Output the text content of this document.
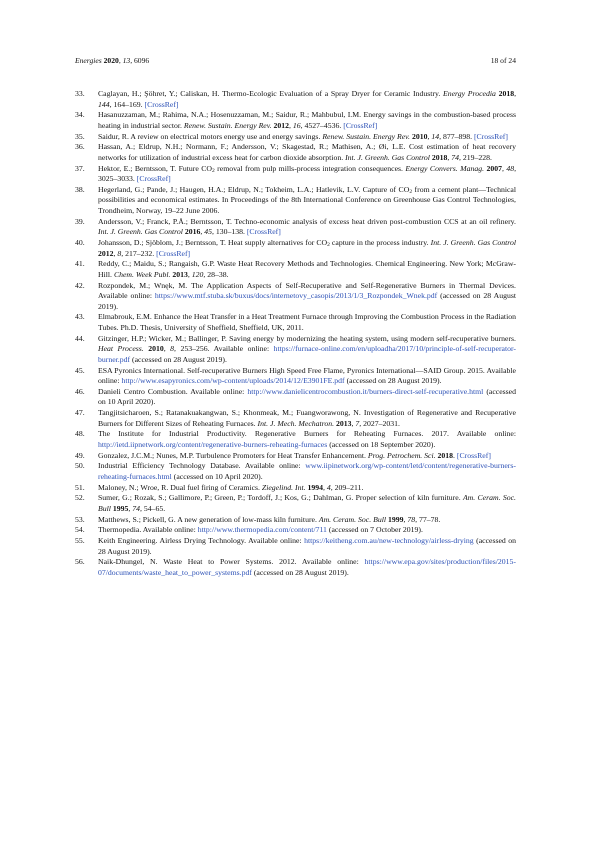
Energies 2020, 13, 6096	18 of 24
33. Caglayan, H.; Şöhret, Y.; Caliskan, H. Thermo-Ecologic Evaluation of a Spray Dryer for Ceramic Industry. Energy Procedia 2018, 144, 164–169. [CrossRef]
34. Hasanuzzaman, M.; Rahima, N.A.; Hosenuzzaman, M.; Saidur, R.; Mahbubul, I.M. Energy savings in the combustion-based process heating in industrial sector. Renew. Sustain. Energy Rev. 2012, 16, 4527–4536. [CrossRef]
35. Saidur, R. A review on electrical motors energy use and energy savings. Renew. Sustain. Energy Rev. 2010, 14, 877–898. [CrossRef]
36. Hassan, A.; Eldrup, N.H.; Normann, F.; Andersson, V.; Skagestad, R.; Mathisen, A.; Øi, L.E. Cost estimation of heat recovery networks for utilization of industrial excess heat for carbon dioxide absorption. Int. J. Greenh. Gas Control 2018, 74, 219–228.
37. Hektor, E.; Berntsson, T. Future $CO_2$ removal from pulp mills-process integration consequences. Energy Convers. Manag. 2007, 48, 3025–3033. [CrossRef]
38. Hegerland, G.; Pande, J.; Haugen, H.A.; Eldrup, N.; Tokheim, L.A.; Hatlevik, L.V. Capture of $CO_2$ from a cement plant—Technical possibilities and economical estimates. In Proceedings of the 8th International Conference on Greenhouse Gas Control Technologies, Trondheim, Norway, 19–22 June 2006.
39. Andersson, V.; Franck, P.Å.; Berntsson, T. Techno-economic analysis of excess heat driven post-combustion CCS at an oil refinery. Int. J. Greenh. Gas Control 2016, 45, 130–138. [CrossRef]
40. Johansson, D.; Sjöblom, J.; Berntsson, T. Heat supply alternatives for $CO_2$ capture in the process industry. Int. J. Greenh. Gas Control 2012, 8, 217–232. [CrossRef]
41. Reddy, C.; Maidu, S.; Rangaish, G.P. Waste Heat Recovery Methods and Technologies. Chemical Engineering. New York; McGraw-Hill. Chem. Week Publ. 2013, 120, 28–38.
42. Rozpondek, M.; Wnęk, M. The Application Aspects of Self-Recuperative and Self-Regenerative Burners in Thermal Devices. Available online: https://www.mtf.stuba.sk/buxus/docs/internetovy_casopis/2013/1/3_Rozpondek_Wnek.pdf (accessed on 28 August 2019).
43. Elmabrouk, E.M. Enhance the Heat Transfer in a Heat Treatment Furnace through Improving the Combustion Process in the Radiation Tubes. Ph.D. Thesis, University of Sheffield, Sheffield, UK, 2011.
44. Gitzinger, H.P.; Wicker, M.; Ballinger, P. Saving energy by modernizing the heating system, using modern self-recuperative burners. Heat Process. 2010, 8, 253–256. Available online: https://furnace-online.com/en/uploadha/2017/10/principle-of-self-recuperator-burner.pdf (accessed on 28 August 2019).
45. ESA Pyronics International. Self-recuperative Burners High Speed Free Flame, Pyronics International—SAID Group. 2015. Available online: http://www.esapyronics.com/wp-content/uploads/2014/12/E3901FE.pdf (accessed on 28 August 2019).
46. Danieli Centro Combustion. Available online: http://www.danielicentrocombustion.it/burners-direct-self-recuperative.html (accessed on 10 April 2020).
47. Tangjitsicharoen, S.; Ratanakuakangwan, S.; Khonmeak, M.; Fuangworawong, N. Investigation of Regenerative and Recuperative Burners for Different Sizes of Reheating Furnaces. Int. J. Mech. Mechatron. 2013, 7, 2027–2031.
48. The Institute for Industrial Productivity. Regenerative Burners for Reheating Furnaces. 2017. Available online: http://ietd.iipnetwork.org/content/regenerative-burners-reheating-furnaces (accessed on 18 September 2020).
49. Gonzalez, J.C.M.; Nunes, M.P. Turbulence Promoters for Heat Transfer Enhancement. Prog. Petrochem. Sci. 2018. [CrossRef]
50. Industrial Efficiency Technology Database. Available online: www.iipinetwork.org/wp-content/letd/content/regenerative-burners-reheating-furnaces.html (accessed on 10 April 2020).
51. Maloney, N.; Wroe, R. Dual fuel firing of Ceramics. Ziegelind. Int. 1994, 4, 209–211.
52. Sumer, G.; Rozak, S.; Gallimore, P.; Green, P.; Tordoff, J.; Kos, G.; Dahlman, G. Proper selection of kiln furniture. Am. Ceram. Soc. Bull 1995, 74, 54–65.
53. Matthews, S.; Pickell, G. A new generation of low-mass kiln furniture. Am. Ceram. Soc. Bull 1999, 78, 77–78.
54. Thermopedia. Available online: http://www.thermopedia.com/content/711 (accessed on 7 October 2019).
55. Keith Engineering. Airless Drying Technology. Available online: https://keitheng.com.au/new-technology/airless-drying (accessed on 28 August 2019).
56. Naik-Dhungel, N. Waste Heat to Power Systems. 2012. Available online: https://www.epa.gov/sites/production/files/2015-07/documents/waste_heat_to_power_systems.pdf (accessed on 28 August 2019).
